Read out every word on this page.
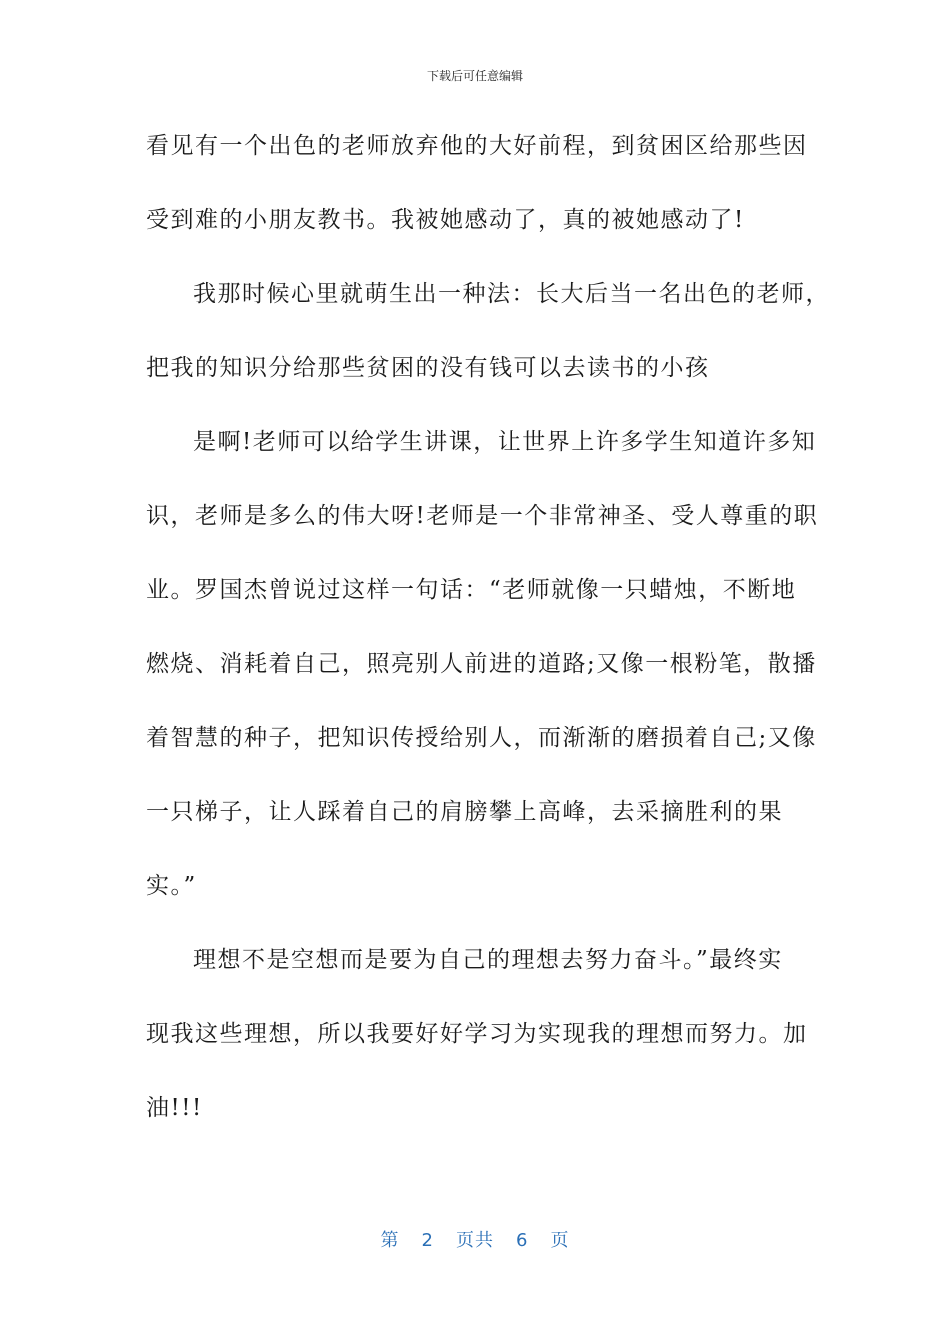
下载后可任意编辑
看见有一个出色的老师放弃他的大好前程，到贫困区给那些因
受到难的小朋友教书。我被她感动了，真的被她感动了!
我那时候心里就萌生出一种法：长大后当一名出色的老师，
把我的知识分给那些贫困的没有钱可以去读书的小孩
是啊!老师可以给学生讲课，让世界上许多学生知道许多知
识，老师是多么的伟大呀!老师是一个非常神圣、受人尊重的职
业。罗国杰曾说过这样一句话：“老师就像一只蜡烛，不断地
燃烧、消耗着自己，照亮别人前进的道路;又像一根粉笔，散播
着智慧的种子，把知识传授给别人，而渐渐的磨损着自己;又像
一只梯子，让人踩着自己的肩膀攀上高峰，去采摘胜利的果
实。”
理想不是空想而是要为自己的理想去努力奋斗。”最终实
现我这些理想，所以我要好好学习为实现我的理想而努力。加
油!!!
第 2 页共 6 页
